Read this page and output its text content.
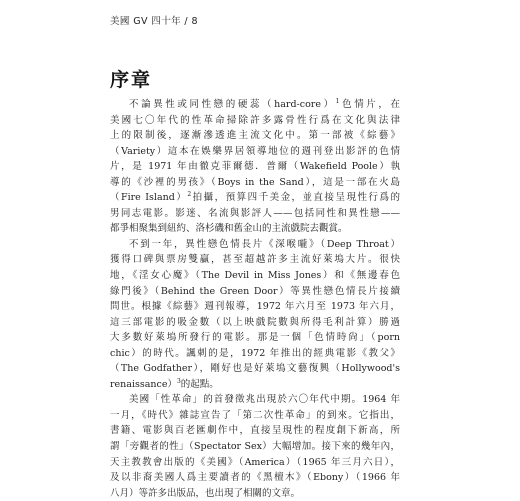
美國 GV 四十年 / 8
序章

不論異性或同性戀的硬蕊（hard-core）$^1$色情片，在
美國七〇年代的性革命掃除許多露骨性行爲在文化與法律
上的限制後，逐漸滲透進主流文化中。第一部被《綜藝》
（Variety）這本在娛樂界居領導地位的週刊登出影評的色情
片，是 1971 年由徹克菲爾德．普爾（Wakefield Poole）執
導的《沙裡的男孩》（Boys in the Sand），這是一部在火島
（Fire Island）$^2$拍攝，預算四千美金，並直接呈現性行爲的
男同志電影。影迷、名流與影評人——包括同性和異性戀——
都爭相聚集到紐約、洛杉磯和舊金山的主流戲院去觀賞。

不到一年，異性戀色情長片《深喉嚨》（Deep Throat）
獲得口碑與票房雙贏，甚至超越許多主流好萊塢大片。很快
地，《淫女心魔》（The Devil in Miss Jones）和《無邊春色
綠門後》（Behind the Green Door）等異性戀色情長片接續
問世。根據《綜藝》週刊報導，1972 年六月至 1973 年六月，
這三部電影的吸金數（以上映戲院數與所得毛利計算）勝過
大多數好萊塢所發行的電影。那是一個「色情時尙」（porn
chic）的時代。諷刺的是，1972 年推出的經典電影《教父》
（The Godfather），剛好也是好萊塢文藝復興（Hollywood's
renaissance）$^3$的起點。

美國「性革命」的首發徵兆出現於六〇年代中期。1964 年
一月，《時代》雜誌宣告了「第二次性革命」的到來。它指出，
書籍、電影與百老匯劇作中，直接呈現性的程度創下新高，所
謂「旁觀者的性」（Spectator Sex）大幅增加。接下來的幾年內，
天主教教會出版的《美國》（America）（1965 年三月六日），
及以非裔美國人爲主要讀者的《黑檀木》（Ebony）（1966 年
八月）等許多出版品，也出現了相關的文章。
